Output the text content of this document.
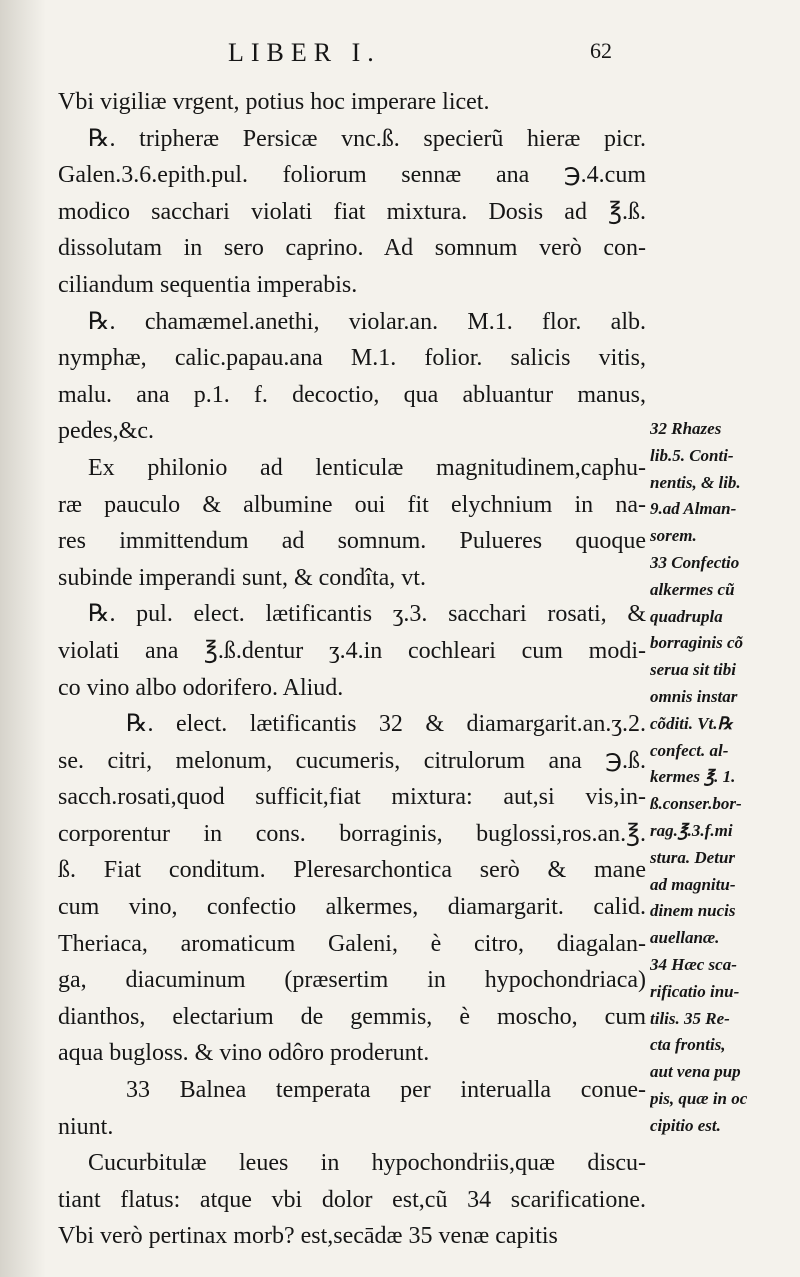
LIBER I.	62
Vbi vigiliæ vrgent, potius hoc imperare licet.
℞. tripheræ Persicæ vnc.ß. specierũ hieræ picr.
Galen.3.6.epith.pul. foliorum sennæ ana ℈.4.cum
modico sacchari violati fiat mixtura. Dosis ad ℥.ß.
dissolutam in sero caprino. Ad somnum verò con-
ciliandum sequentia imperabis.
℞. chamæmel.anethi, violar.an. M.1. flor. alb.
nymphæ, calic.papau.ana M.1. folior. salicis vitis,
malu. ana p.1. f. decoctio, qua abluantur manus,
pedes,&c.
Ex philonio ad lenticulæ magnitudinem,caphu-
ræ pauculo & albumine oui fit elychnium in na-
res immittendum ad somnum. Pulueres quoque
subinde imperandi sunt, & condîta, vt.
℞. pul. elect. lætificantis ʒ.3. sacchari rosati, &
violati ana ℥.ß.dentur ʒ.4.in cochleari cum modi-
co vino albo odorifero. Aliud.
℞. elect. lætificantis 32 & diamargarit.an.ʒ.2.
se. citri, melonum, cucumeris, citrulorum ana ℈.ß.
sacch.rosati,quod sufficit,fiat mixtura: aut,si vis,in-
corporentur in cons. borraginis, buglossi,ros.an.℥.
ß. Fiat conditum. Pleresarchontica serò & mane
cum vino, confectio alkermes, diamargarit. calid.
Theriaca, aromaticum Galeni, è citro, diagalan-
ga, diacuminum (præsertim in hypochondriaca)
dianthos, electarium de gemmis, è moscho, cum
aqua bugloss. & vino odôro proderunt.
33 Balnea temperata per interualla conue-
niunt.
Cucurbitulæ leues in hypochondriis,quæ discu-
tiant flatus: atque vbi dolor est,cũ 34 scarificatione.
Vbi verò pertinax morb? est,secādæ 35 venæ capitis
32 Rhazes
lib.5. Conti-
nentis, & lib.
9.ad Alman-
sorem.
33 Confectio
alkermes cũ
quadrupla
borraginis cõ
serua sit tibi
omnis instar
cõditi. Vt.℞
confect. al-
kermes ℥. 1.
ß.conser.bor-
rag.℥.3.f.mi
stura. Detur
ad magnitu-
dinem nucis
auellanæ.
34 Hæc sca-
rificatio inu-
tilis. 35 Re-
cta frontis,
aut vena pup
pis, quæ in oc
cipitio est.
